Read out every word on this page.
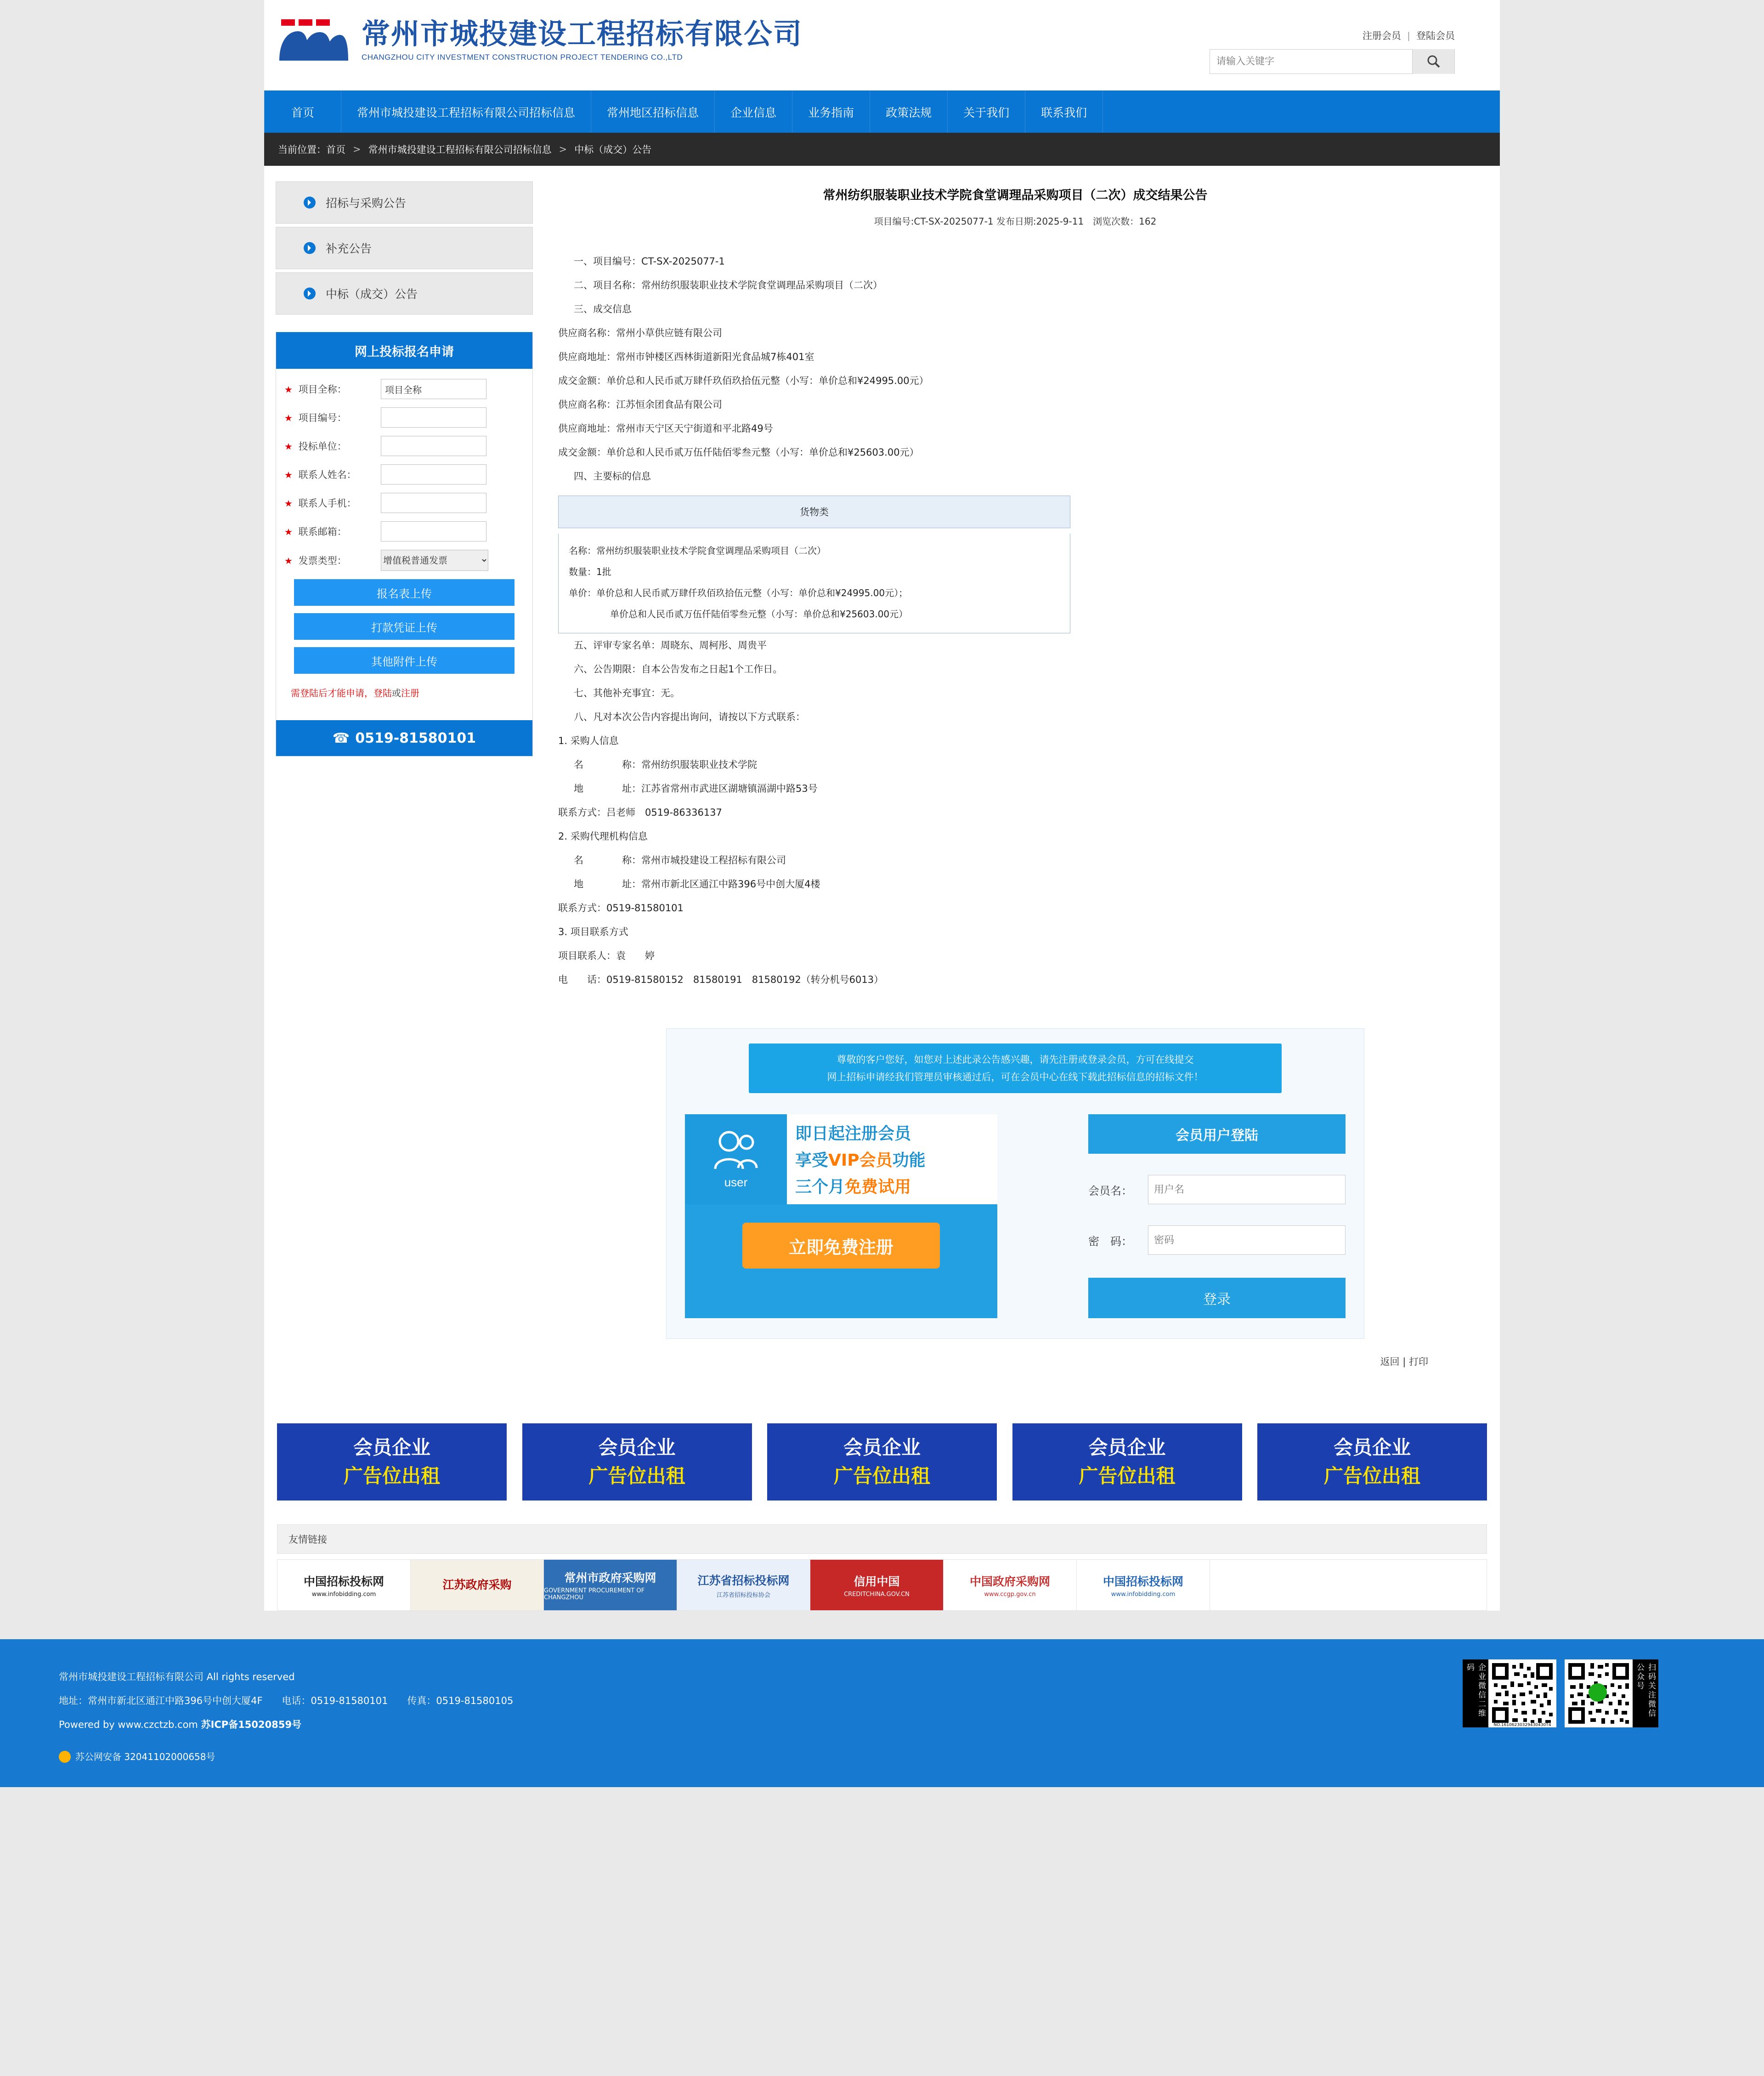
常州市城投建设工程招标有限公司
CHANGZHOU CITY INVESTMENT CONSTRUCTION PROJECT TENDERING CO.,LTD
注册会员 | 登陆会员
请输入关键字
首页	常州市城投建设工程招标有限公司招标信息	常州地区招标信息	企业信息	业务指南	政策法规	关于我们	联系我们
当前位置： 首页 > 常州市城投建设工程招标有限公司招标信息 > 中标（成交）公告
招标与采购公告
补充公告
中标（成交）公告
网上投标报名申请
★ 项目全称：
项目全称
★ 项目编号：
★ 投标单位：
★ 联系人姓名：
★ 联系人手机：
★ 联系邮箱：
★ 发票类型：
增值税普通发票
报名表上传
打款凭证上传
其他附件上传
需登陆后才能申请，登陆或注册
☎ 0519-81580101
常州纺织服装职业技术学院食堂调理品采购项目（二次）成交结果公告
项目编号:CT-SX-2025077-1 发布日期:2025-9-11　浏览次数：162

一、项目编号：CT-SX-2025077-1

二、项目名称：常州纺织服装职业技术学院食堂调理品采购项目（二次）

三、成交信息

供应商名称：常州小草供应链有限公司

供应商地址：常州市钟楼区西林街道新阳光食品城7栋401室

成交金额：单价总和人民币贰万肆仟玖佰玖拾伍元整（小写：单价总和¥24995.00元）

供应商名称：江苏恒余团食品有限公司

供应商地址：常州市天宁区天宁街道和平北路49号

成交金额：单价总和人民币贰万伍仟陆佰零叁元整（小写：单价总和¥25603.00元）

四、主要标的信息

货物类
名称：常州纺织服装职业技术学院食堂调理品采购项目（二次）
数量：1批
单价：单价总和人民币贰万肆仟玖佰玖拾伍元整（小写：单价总和¥24995.00元）；
单价总和人民币贰万伍仟陆佰零叁元整（小写：单价总和¥25603.00元）

五、评审专家名单：周晓东、周柯彤、周贵平

六、公告期限：自本公告发布之日起1个工作日。

七、其他补充事宜：无。

八、凡对本次公告内容提出询问，请按以下方式联系：

1. 采购人信息

名　　　　称：常州纺织服装职业技术学院

地　　　　址：江苏省常州市武进区湖塘镇滆湖中路53号

联系方式：吕老师　0519-86336137

2. 采购代理机构信息

名　　　　称：常州市城投建设工程招标有限公司

地　　　　址：常州市新北区通江中路396号中创大厦4楼

联系方式：0519-81580101

3. 项目联系方式

项目联系人：袁　　婷

电　　话：0519-81580152　81580191　81580192（转分机号6013）

尊敬的客户您好，如您对上述此录公告感兴趣，请先注册或登录会员，方可在线提交
网上招标申请经我们管理员审核通过后，可在会员中心在线下载此招标信息的招标文件！
user
即日起注册会员
享受VIP会员功能
三个月免费试用
立即免费注册
会员用户登陆
会员名：
用户名
密　码：
密码
登录
返回 | 打印
会员企业
广告位出租
会员企业
广告位出租
会员企业
广告位出租
会员企业
广告位出租
会员企业
广告位出租
友情链接
中国招标投标网
www.infobidding.com
江苏政府采购
常州市政府采购网
GOVERNMENT PROCUREMENT OF CHANGZHOU
江苏省招标投标网
江苏省招标投标协会
信用中国
CREDITCHINA.GOV.CN
中国政府采购网
www.ccgp.gov.cn
中国招标投标网
www.infobidding.com
常州市城投建设工程招标有限公司 All rights reserved
地址：常州市新北区通江中路396号中创大厦4F　　电话：0519-81580101　　传真：0519-81580105
Powered by www.czctzb.com 苏ICP备15020859号
苏公网安备 32041102000658号
企业微信二维码
NO.16106230329430430T4
扫码关注微信公众号
